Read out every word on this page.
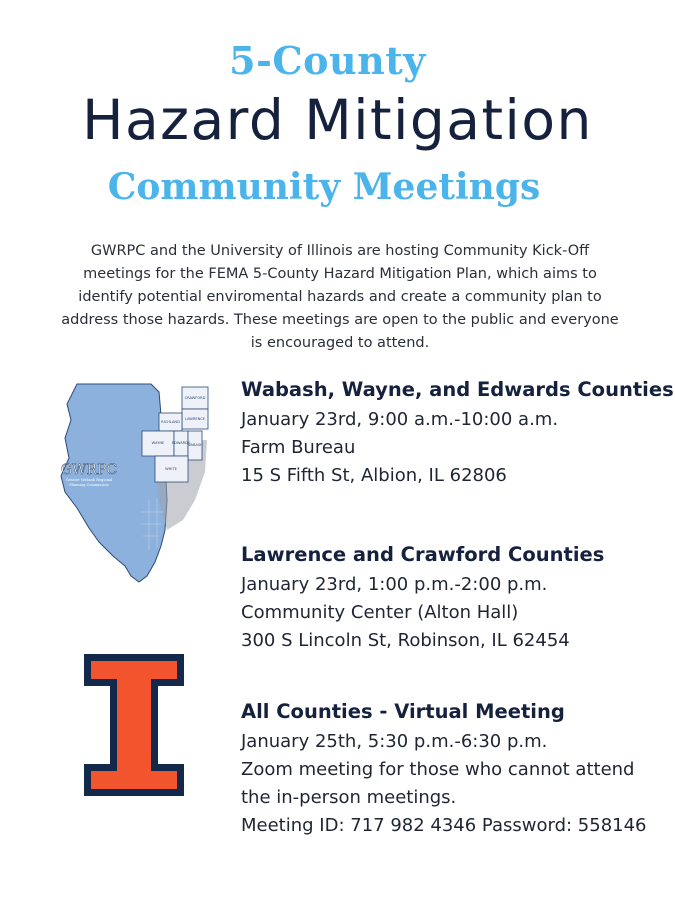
5-County
Hazard Mitigation
Community Meetings
GWRPC and the University of Illinois are hosting Community Kick-Off meetings for the FEMA 5-County Hazard Mitigation Plan, which aims to identify potential enviromental hazards and create a community plan to address those hazards. These meetings are open to the public and everyone is encouraged to attend.
CRAWFORD
RICHLAND
LAWRENCE
WAYNE EDWARDS
WABASH
WHITE
GWRPC
Greater Wabash Regional
Planning Commission
Wabash, Wayne, and Edwards Counties
January 23rd, 9:00 a.m.-10:00 a.m.
Farm Bureau
15 S Fifth St, Albion, IL 62806
Lawrence and Crawford Counties
January 23rd, 1:00 p.m.-2:00 p.m.
Community Center (Alton Hall)
300 S Lincoln St, Robinson, IL 62454
All Counties - Virtual Meeting
January 25th, 5:30 p.m.-6:30 p.m.
Zoom meeting for those who cannot attend
the in-person meetings.
Meeting ID: 717 982 4346 Password: 558146
